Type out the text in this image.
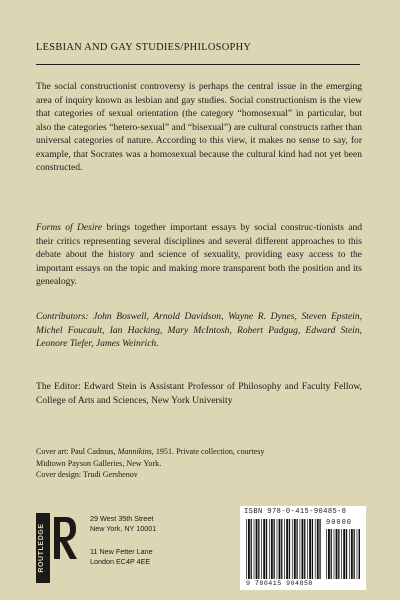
LESBIAN AND GAY STUDIES/PHILOSOPHY
The social constructionist controversy is perhaps the central issue in the emerging area of inquiry known as lesbian and gay studies. Social constructionism is the view that categories of sexual orientation (the category “homosexual” in particular, but also the categories “hetero-sexual” and “bisexual”) are cultural constructs rather than universal categories of nature. According to this view, it makes no sense to say, for example, that Socrates was a homosexual because the cultural kind had not yet been constructed.
Forms of Desire brings together important essays by social construc-tionists and their critics representing several disciplines and several different approaches to this debate about the history and science of sexuality, providing easy access to the important essays on the topic and making more transparent both the position and its genealogy.
Contributors: John Boswell, Arnold Davidson, Wayne R. Dynes, Steven Epstein, Michel Foucault, Ian Hacking, Mary McIntosh, Robert Padgug, Edward Stein, Leonore Tiefer, James Weinrich.
The Editor: Edward Stein is Assistant Professor of Philosophy and Faculty Fellow, College of Arts and Sciences, New York University
Cover art: Paul Cadmus, Mannikins, 1951. Private collection, courtesy
Midtown Payson Galleries, New York.
Cover design: Trudi Gershenov
ROUTLEDGE
29 West 35th Street
New York, NY 10001
11 New Fetter Lane
London EC4P 4EE
ISBN 978-0-415-90485-8
90000
9 780415 904858
